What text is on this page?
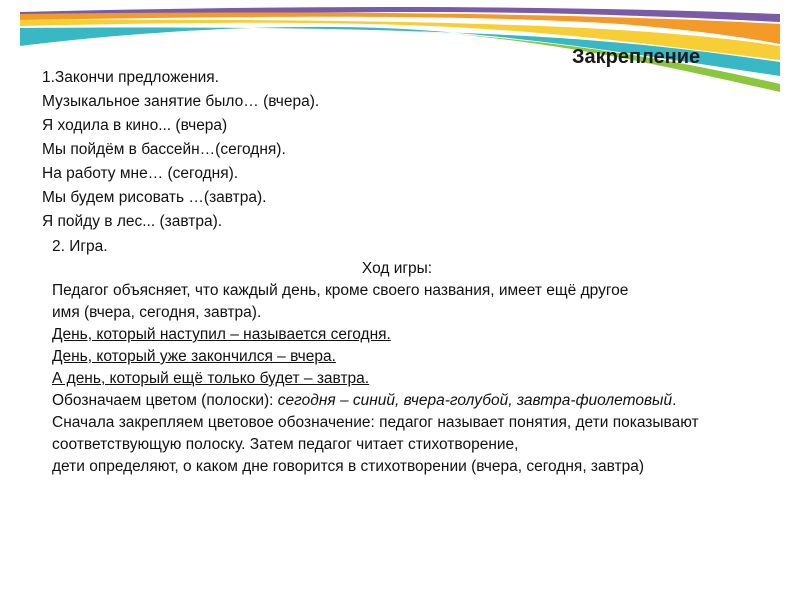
Закрепление
1.Закончи предложения.
Музыкальное занятие было… (вчера).
Я ходила в кино... (вчера)
Мы пойдём в бассейн…(сегодня).
На работу мне… (сегодня).
Мы будем рисовать …(завтра).
Я пойду в лес... (завтра).

2. Игра.

Ход игры:

Педагог объясняет, что каждый день, кроме своего названия, имеет ещё другое

имя (вчера, сегодня, завтра).

День, который наступил – называется сегодня.

День, который уже закончился – вчера.

А день, который ещё только будет – завтра.

Обозначаем цветом (полоски): сегодня – синий, вчера-голубой, завтра-фиолетовый.

Сначала закрепляем цветовое обозначение: педагог называет понятия, дети показывают соответствующую полоску. Затем педагог читает стихотворение,

дети определяют, о каком дне говорится в стихотворении (вчера, сегодня, завтра)
